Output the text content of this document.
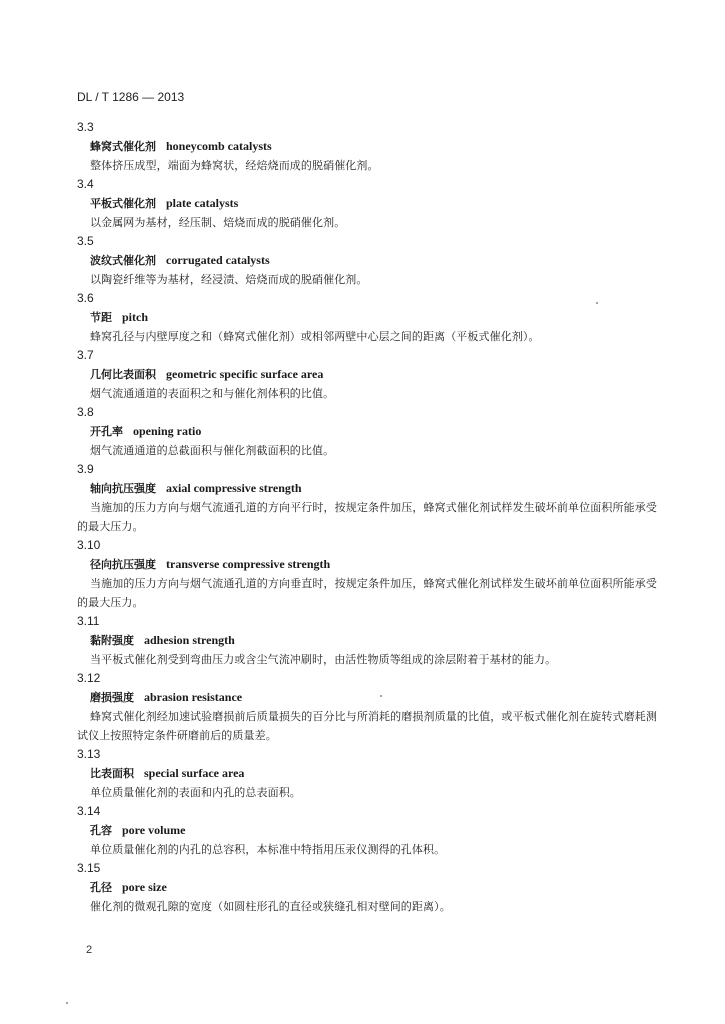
DL / T 1286 — 2013
3.3
蜂窝式催化剂 honeycomb catalysts
整体挤压成型，端面为蜂窝状，经焙烧而成的脱硝催化剂。
3.4
平板式催化剂 plate catalysts
以金属网为基材，经压制、焙烧而成的脱硝催化剂。
3.5
波纹式催化剂 corrugated catalysts
以陶瓷纤维等为基材，经浸渍、焙烧而成的脱硝催化剂。
3.6
节距 pitch
蜂窝孔径与内壁厚度之和（蜂窝式催化剂）或相邻两壁中心层之间的距离（平板式催化剂）。
3.7
几何比表面积 geometric specific surface area
烟气流通通道的表面积之和与催化剂体积的比值。
3.8
开孔率 opening ratio
烟气流通通道的总截面积与催化剂截面积的比值。
3.9
轴向抗压强度 axial compressive strength
当施加的压力方向与烟气流通孔道的方向平行时，按规定条件加压，蜂窝式催化剂试样发生破坏前单位面积所能承受的最大压力。
3.10
径向抗压强度 transverse compressive strength
当施加的压力方向与烟气流通孔道的方向垂直时，按规定条件加压，蜂窝式催化剂试样发生破坏前单位面积所能承受的最大压力。
3.11
黏附强度 adhesion strength
当平板式催化剂受到弯曲压力或含尘气流冲刷时，由活性物质等组成的涂层附着于基材的能力。
3.12
磨损强度 abrasion resistance
蜂窝式催化剂经加速试验磨损前后质量损失的百分比与所消耗的磨损剂质量的比值，或平板式催化剂在旋转式磨耗测试仪上按照特定条件研磨前后的质量差。
3.13
比表面积 special surface area
单位质量催化剂的表面和内孔的总表面积。
3.14
孔容 pore volume
单位质量催化剂的内孔的总容积，本标准中特指用压汞仪测得的孔体积。
3.15
孔径 pore size
催化剂的微观孔隙的宽度（如圆柱形孔的直径或狭缝孔相对壁间的距离）。
2
